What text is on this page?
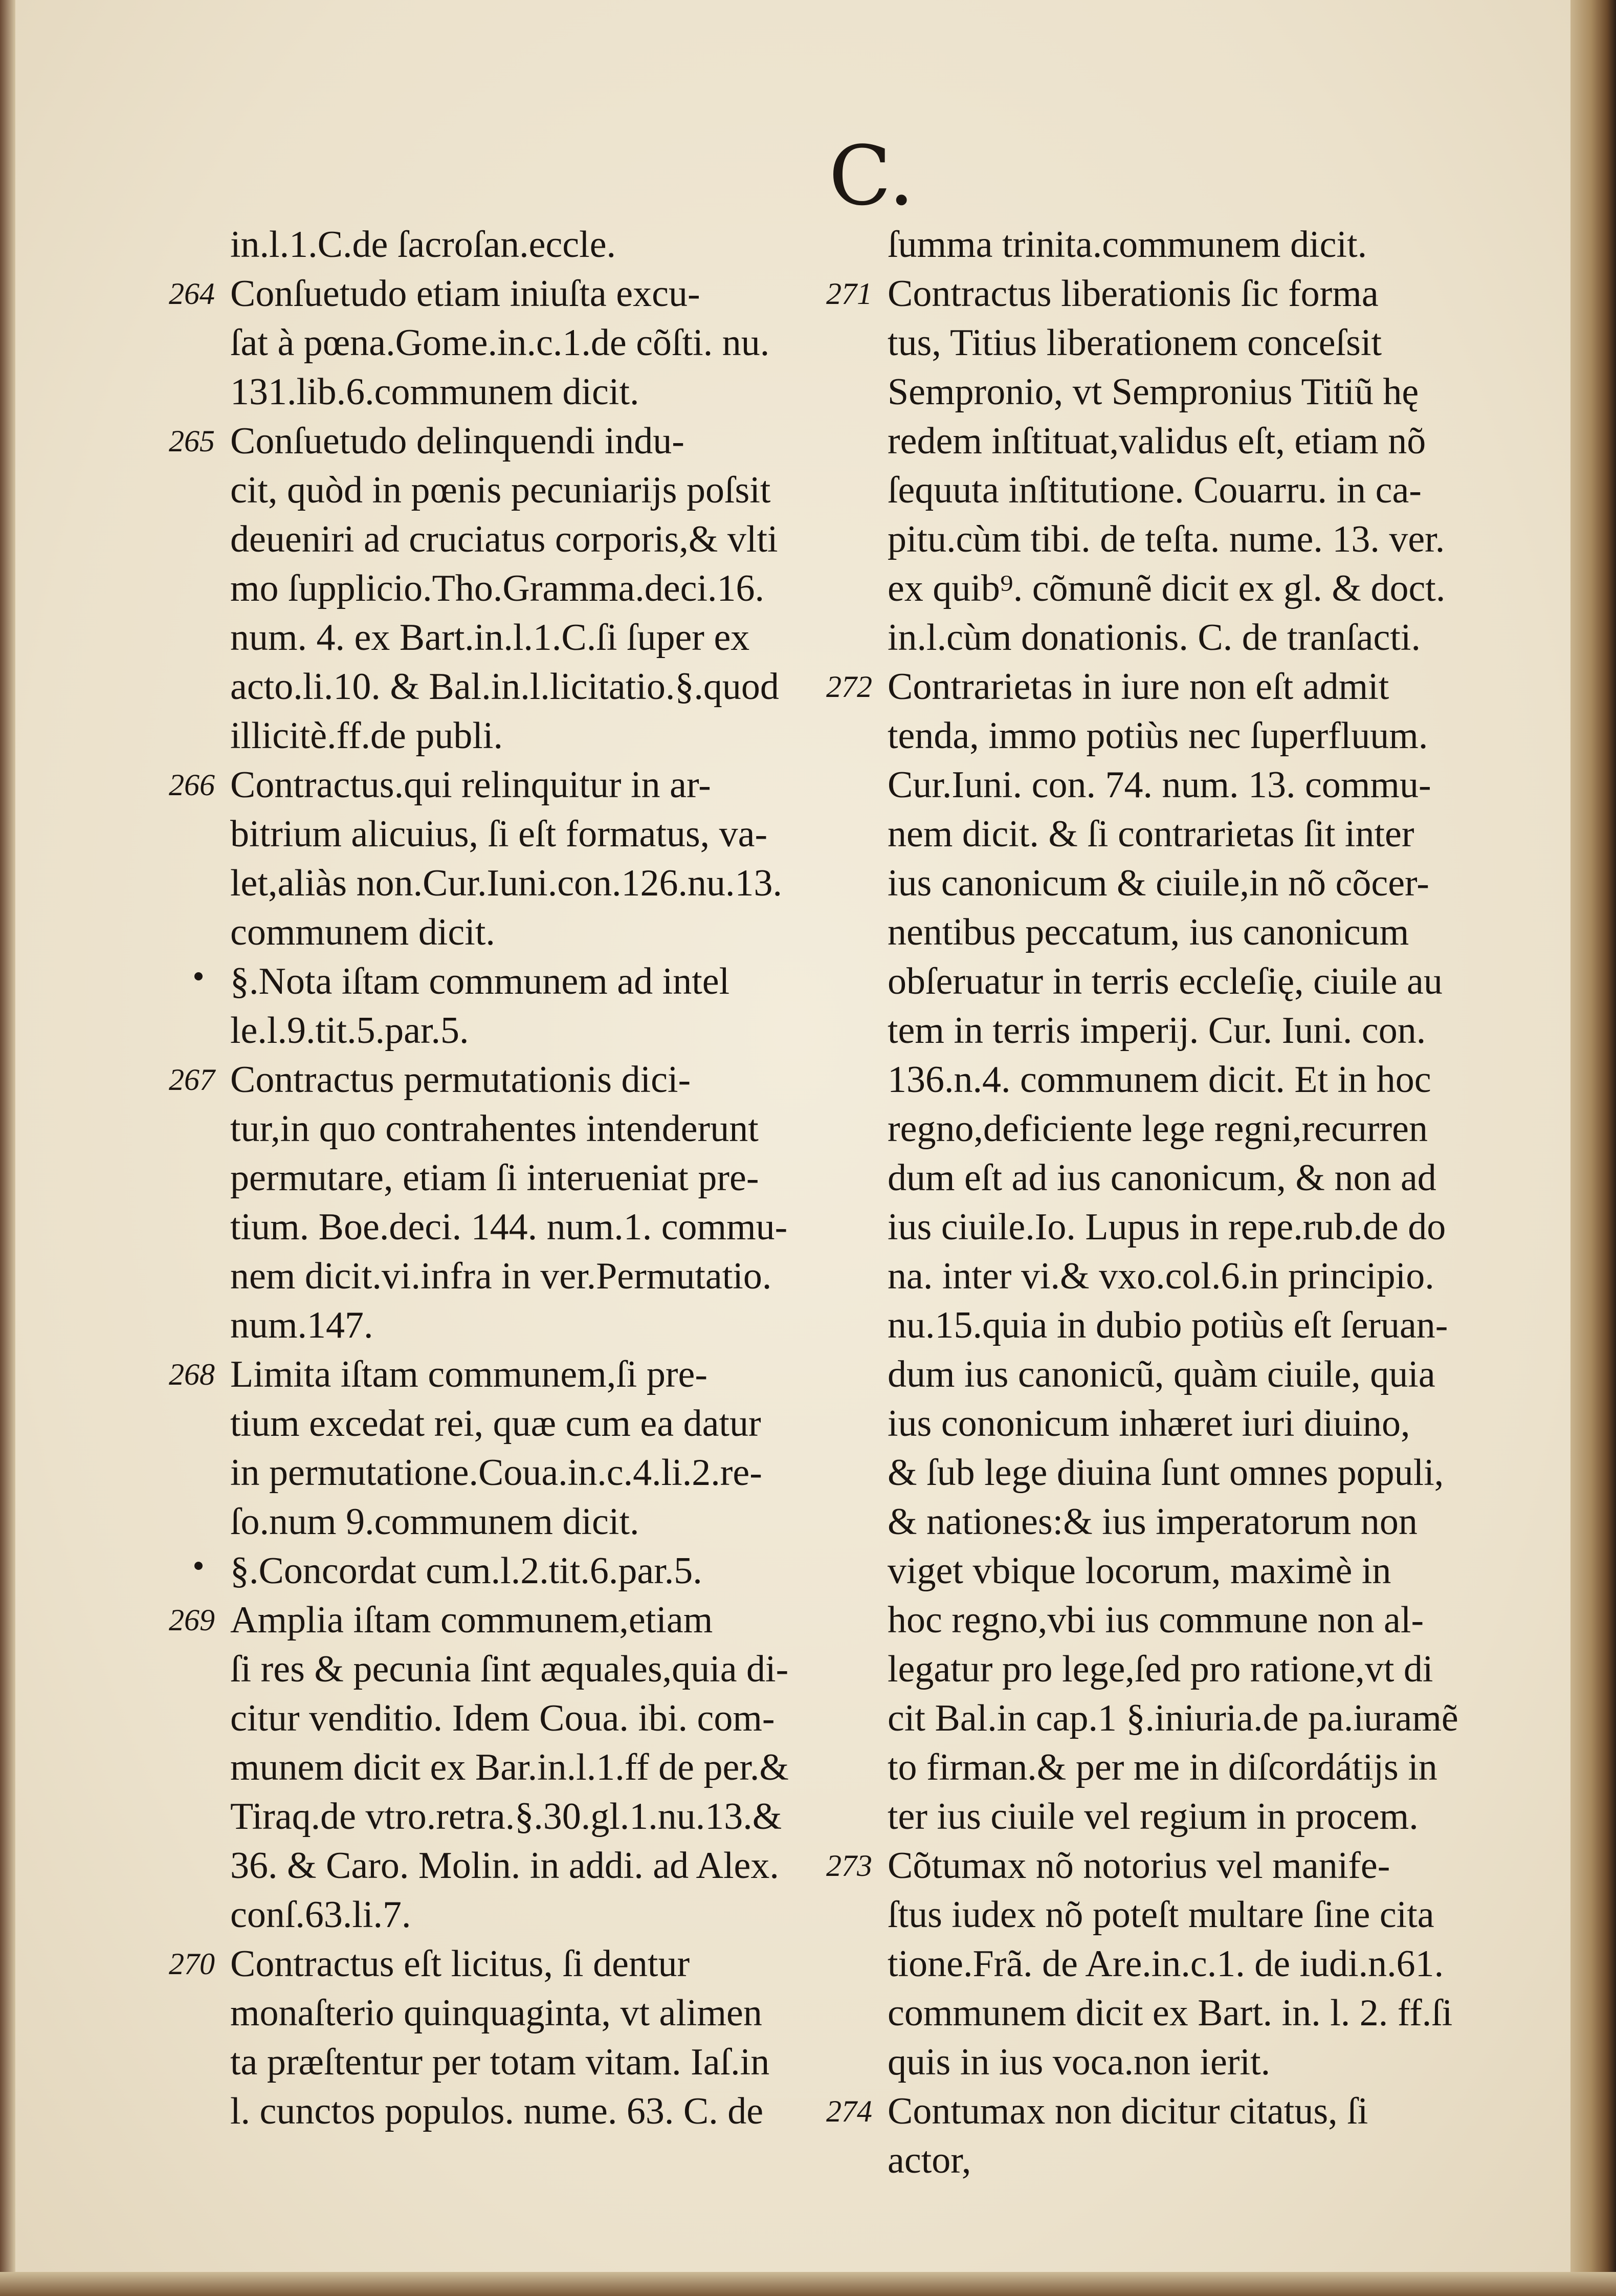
C.
in.l.1.C.de ſacroſan.eccle.
264 Conſuetudo etiam iniuſta excu-
ſat à pœna.Gome.in.c.1.de cõſti. nu.
131.lib.6.communem dicit.
265 Conſuetudo delinquendi indu-
cit, quòd in pœnis pecuniarijs poſsit
deueniri ad cruciatus corporis,& vlti
mo ſupplicio.Tho.Gramma.deci.16.
num. 4. ex Bart.in.l.1.C.ſi ſuper ex
acto.li.10. & Bal.in.l.licitatio.§.quod
illicitè.ff.de publi.
266 Contractus.qui relinquitur in ar-
bitrium alicuius, ſi eſt formatus, va-
let,aliàs non.Cur.Iuni.con.126.nu.13.
communem dicit.
§.Nota iſtam communem ad intel
le.l.9.tit.5.par.5.
267 Contractus permutationis dici-
tur,in quo contrahentes intenderunt
permutare, etiam ſi interueniat pre-
tium. Boe.deci. 144. num.1. commu-
nem dicit.vi.infra in ver.Permutatio.
num.147.
268 Limita iſtam communem,ſi pre-
tium excedat rei, quæ cum ea datur
in permutatione.Coua.in.c.4.li.2.re-
ſo.num 9.communem dicit.
§.Concordat cum.l.2.tit.6.par.5.
269 Amplia iſtam communem,etiam
ſi res & pecunia ſint æquales,quia di-
citur venditio. Idem Coua. ibi. com-
munem dicit ex Bar.in.l.1.ff de per.&
Tiraq.de vtro.retra.§.30.gl.1.nu.13.&
36. & Caro. Molin. in addi. ad Alex.
conſ.63.li.7.
270 Contractus eſt licitus, ſi dentur
monaſterio quinquaginta, vt alimen
ta præſtentur per totam vitam. Iaſ.in
l. cunctos populos. nume. 63. C. de
ſumma trinita.communem dicit.
271 Contractus liberationis ſic forma
tus, Titius liberationem conceſsit
Sempronio, vt Sempronius Titiũ hę
redem inſtituat,validus eſt, etiam nõ
ſequuta inſtitutione. Couarru. in ca-
pitu.cùm tibi. de teſta. nume. 13. ver.
ex quib⁹. cõmunẽ dicit ex gl. & doct.
in.l.cùm donationis. C. de tranſacti.
272 Contrarietas in iure non eſt admit
tenda, immo potiùs nec ſuperfluum.
Cur.Iuni. con. 74. num. 13. commu-
nem dicit. & ſi contrarietas ſit inter
ius canonicum & ciuile,in nõ cõcer-
nentibus peccatum, ius canonicum
obſeruatur in terris eccleſię, ciuile au
tem in terris imperij. Cur. Iuni. con.
136.n.4. communem dicit. Et in hoc
regno,deficiente lege regni,recurren
dum eſt ad ius canonicum, & non ad
ius ciuile.Io. Lupus in repe.rub.de do
na. inter vi.& vxo.col.6.in principio.
nu.15.quia in dubio potiùs eſt ſeruan-
dum ius canonicũ, quàm ciuile, quia
ius cononicum inhæret iuri diuino,
& ſub lege diuina ſunt omnes populi,
& nationes:& ius imperatorum non
viget vbique locorum, maximè in
hoc regno,vbi ius commune non al-
legatur pro lege,ſed pro ratione,vt di
cit Bal.in cap.1 §.iniuria.de pa.iuramẽ
to firman.& per me in diſcordátijs in
ter ius ciuile vel regium in procem.
273 Cõtumax nõ notorius vel manife-
ſtus iudex nõ poteſt multare ſine cita
tione.Frã. de Are.in.c.1. de iudi.n.61.
communem dicit ex Bart. in. l. 2. ff.ſi
quis in ius voca.non ierit.
274 Contumax non dicitur citatus, ſi
actor,
